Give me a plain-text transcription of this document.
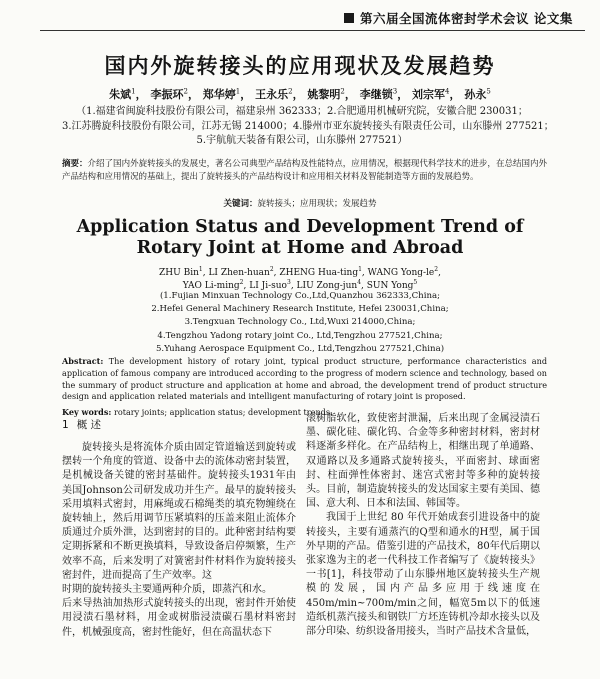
第六届全国流体密封学术会议 论文集
国内外旋转接头的应用现状及发展趋势
朱斌$^1$， 李振环$^2$， 郑华婷$^1$， 王永乐$^2$， 姚黎明$^2$， 李继锁$^3$， 刘宗军$^4$， 孙永$^5$
（1.福建省闽旋科技股份有限公司，福建泉州 362333；2.合肥通用机械研究院，安徽合肥 230031；
3.江苏腾旋科技股份有限公司，江苏无锡 214000；4.滕州市亚东旋转接头有限责任公司，山东滕州 277521；
5.宇航航天装备有限公司，山东滕州 277521）
摘要：介绍了国内外旋转接头的发展史，著名公司典型产品结构及性能特点，应用情况，根据现代科学技术的进步，在总结国内外产品结构和应用情况的基础上，提出了旋转接头的产品结构设计和应用相关材料及智能制造等方面的发展趋势。
关键词：旋转接头；应用现状；发展趋势
Application Status and Development Trend of
Rotary Joint at Home and Abroad
ZHU Bin$^1$, LI Zhen-huan$^2$, ZHENG Hua-ting$^1$, WANG Yong-$le^2$,
YAO Li-ming$^2$, LI Ji-suo$^3$, LIU Zong-jun$^4$, SUN Yong$^5$
(1.Fujian Minxuan Technology Co.,Ltd,Quanzhou 362333,China;
2.Hefei General Machinery Research Institute, Hefei 230031,China;
3.Tengxuan Technology Co., Ltd,Wuxi 214000,China;
4.Tengzhou Yadong rotary joint Co., Ltd,Tengzhou 277521,China;
5.Yuhang Aerospace Equipment Co., Ltd,Tengzhou 277521,China)
Abstract: The development history of rotary joint, typical product structure, performance characteristics and application of famous company are introduced according to the progress of modern science and technology, based on the summary of product structure and application at home and abroad, the development trend of product structure design and application related materials and intelligent manufacturing of rotary joint is proposed.
Key words: rotary joints; application status; development trends.
1 概 述

旋转接头是将流体介质由固定管道输送到旋转或摆转一个角度的管道、设备中去的流体动密封装置，是机械设备关键的密封基础件。旋转接头1931年由美国Johnson公司研发成功并生产。最早的旋转接头采用填料式密封，用麻绳或石棉绳类的填充物缠绕在旋转轴上，然后用调节压紧填料的压盖来阻止流体介质通过介质外泄，达到密封的目的。此种密封结构要定期拆紧和不断更换填料，导致设备启停频繁，生产效率不高，后来发明了对簧密封件材料作为旋转接头密封件，进而提高了生产效率。这

时期的旋转接头主要通两种介质，即蒸汽和水。

后来导热油加热形式旋转接头的出现，密封件开始使用浸渍石墨材料，用金或树脂浸渍碳石墨材料密封件，机械强度高，密封性能好，但在高温状态下

滚树脂软化，致使密封泄漏，后来出现了金属浸渍石墨、碳化硅、碳化钨、合金等多种密封材料，密封材料逐渐多样化。在产品结构上，相继出现了单通路、双通路以及多通路式旋转接头，平面密封、球面密封、柱面弹性体密封、迷宫式密封等多种的旋转接头。目前，制造旋转接头的发达国家主要有美国、德国、意大利、日本和法国、韩国等。

我国于上世纪 80 年代开始成套引进设备中的旋转接头，主要有通蒸汽的Q型和通水的H型，属于国外早期的产品。借鉴引进的产品技术，80年代后期以张家逸为主的老一代科技工作者编写了《旋转接头》一书[1]，科技带动了山东滕州地区旋转接头生产规模的发展，国内产品多应用于线速度在450m/min~700m/min之间，幅宽5m以下的低速造纸机蒸汽接头和钢铁厂方坯连铸机冷却水接头以及部分印染、纺织设备用接头，当时产品技术含量低，
